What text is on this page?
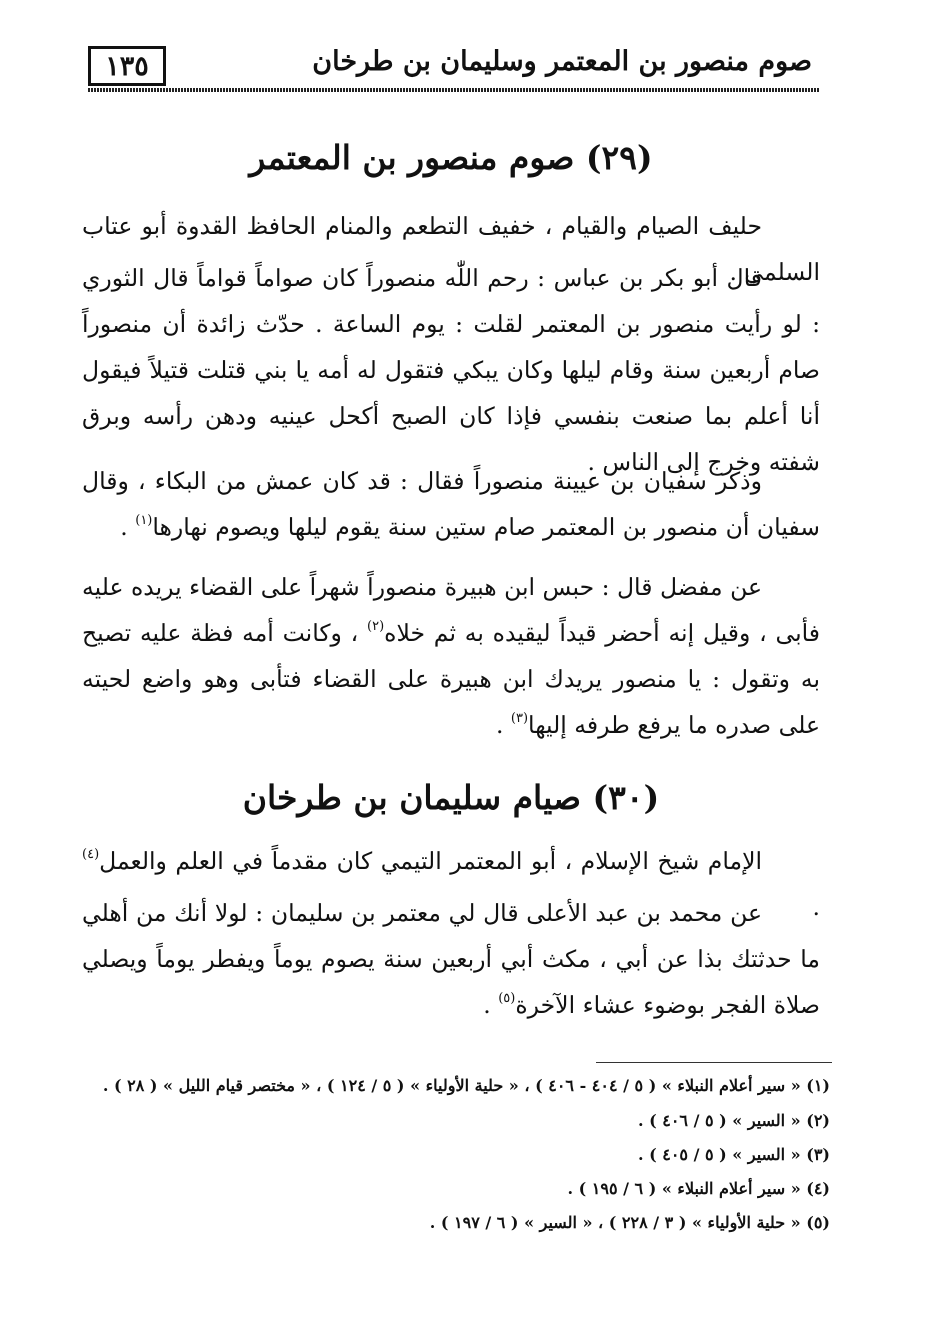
١٣٥	صوم منصور بن المعتمر وسليمان بن طرخان
(٢٩) صوم منصور بن المعتمر
حليف الصيام والقيام ، خفيف التطعم والمنام الحافظ القدوة أبو عتاب السلمي .
قال أبو بكر بن عباس : رحم اللّٰه منصوراً كان صواماً قواماً قال الثوري : لو رأيت منصور بن المعتمر لقلت : يوم الساعة . حدّث زائدة أن منصوراً صام أربعين سنة وقام ليلها وكان يبكي فتقول له أمه يا بني قتلت قتيلاً فيقول أنا أعلم بما صنعت بنفسي فإذا كان الصبح أكحل عينيه ودهن رأسه وبرق شفته وخرج إلى الناس .
وذكر سفيان بن عيينة منصوراً فقال : قد كان عمش من البكاء ، وقال سفيان أن منصور بن المعتمر صام ستين سنة يقوم ليلها ويصوم نهارها$^{(١)}$ .
عن مفضل قال : حبس ابن هبيرة منصوراً شهراً على القضاء يريده عليه فأبى ، وقيل إنه أحضر قيداً ليقيده به ثم خلاه$^{(٢)}$ ، وكانت أمه فظة عليه تصيح به وتقول : يا منصور يريدك ابن هبيرة على القضاء فتأبى وهو واضع لحيته على صدره ما يرفع طرفه إليها$^{(٣)}$ .
(٣٠) صيام سليمان بن طرخان
الإمام شيخ الإسلام ، أبو المعتمر التيمي كان مقدماً في العلم والعمل$^{(٤)}$ .
عن محمد بن عبد الأعلى قال لي معتمر بن سليمان : لولا أنك من أهلي ما حدثتك بذا عن أبي ، مكث أبي أربعين سنة يصوم يوماً ويفطر يوماً ويصلي صلاة الفجر بوضوء عشاء الآخرة$^{(٥)}$ .
(١) « سير أعلام النبلاء » ( ٥ / ٤٠٤ - ٤٠٦ ) ، « حلية الأولياء » ( ٥ / ١٢٤ ) ، « مختصر قيام الليل » ( ٢٨ ) .
(٢) « السير » ( ٥ / ٤٠٦ ) .
(٣) « السير » ( ٥ / ٤٠٥ ) .
(٤) « سير أعلام النبلاء » ( ٦ / ١٩٥ ) .
(٥) « حلية الأولياء » ( ٣ / ٢٢٨ ) ، « السير » ( ٦ / ١٩٧ ) .
